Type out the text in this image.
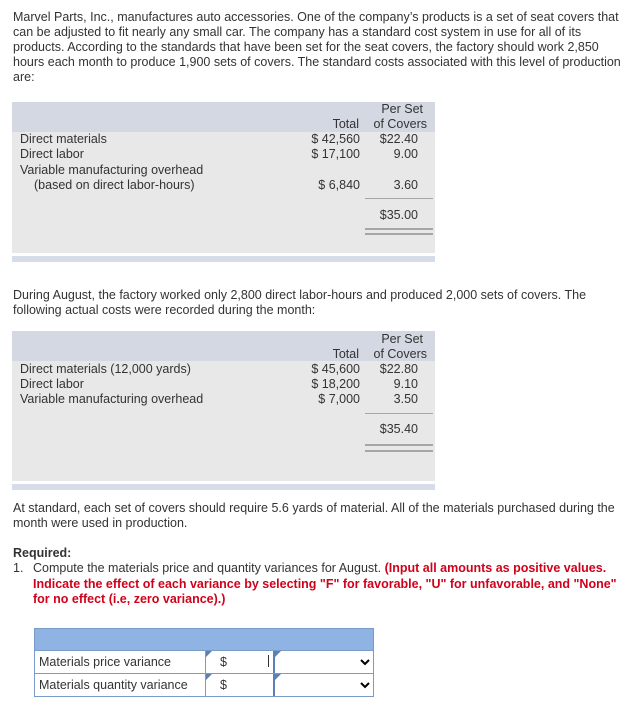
Marvel Parts, Inc., manufactures auto accessories. One of the company’s products is a set of seat covers that can be adjusted to fit nearly any small car. The company has a standard cost system in use for all of its products. According to the standards that have been set for the seat covers, the factory should work 2,850 hours each month to produce 1,900 sets of covers. The standard costs associated with this level of production are:

Total
Per Set
of Covers
Direct materials	$ 42,560 $22.40
Direct labor	$ 17,100	9.00
Variable manufacturing overhead
(based on direct labor-hours)	$ 6,840	3.60
$35.00

During August, the factory worked only 2,800 direct labor-hours and produced 2,000 sets of covers. The following actual costs were recorded during the month:

Total
Per Set
of Covers
Direct materials (12,000 yards)	$ 45,600 $22.80
Direct labor	$ 18,200	9.10
Variable manufacturing overhead	$ 7,000	3.50
$35.40

At standard, each set of covers should require 5.6 yards of material. All of the materials purchased during the month were used in production.

Required:

1. Compute the materials price and quantity variances for August. (Input all amounts as positive values. Indicate the effect of each variance by selecting "F" for favorable, "U" for unfavorable, and "None" for no effect (i.e, zero variance).)

Materials price variance	$
Materials quantity variance	$
